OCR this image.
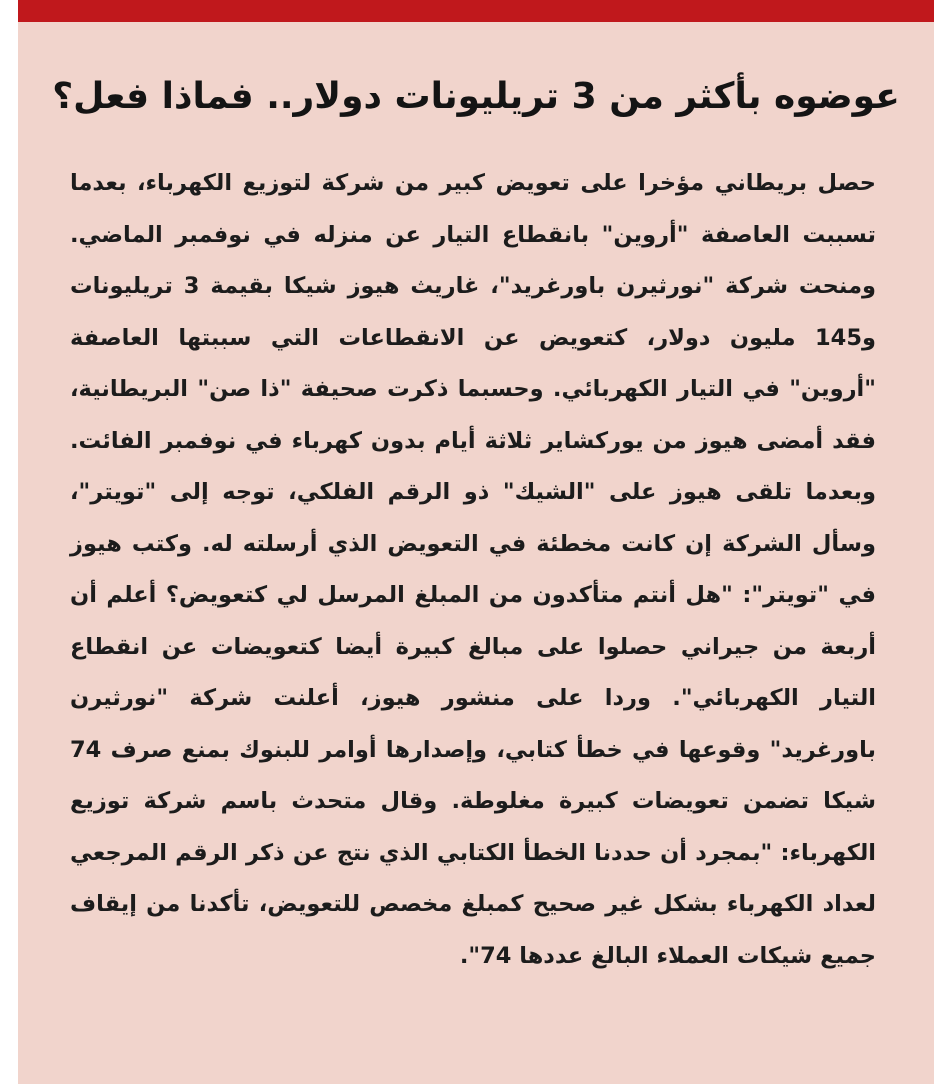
عوضوه بأكثر من 3 تريليونات دولار.. فماذا فعل؟

حصل بريطاني مؤخرا على تعويض كبير من شركة لتوزيع الكهرباء، بعدما تسببت العاصفة "أروين" بانقطاع التيار عن منزله في نوفمبر الماضي. ومنحت شركة "نورثيرن باورغريد"، غاريث هيوز شيكا بقيمة 3 تريليونات و145 مليون دولار، كتعويض عن الانقطاعات التي سببتها العاصفة "أروين" في التيار الكهربائي. وحسبما ذكرت صحيفة "ذا صن" البريطانية، فقد أمضى هيوز من يوركشاير ثلاثة أيام بدون كهرباء في نوفمبر الفائت. وبعدما تلقى هيوز على "الشيك" ذو الرقم الفلكي، توجه إلى "تويتر"، وسأل الشركة إن كانت مخطئة في التعويض الذي أرسلته له. وكتب هيوز في "تويتر": "هل أنتم متأكدون من المبلغ المرسل لي كتعويض؟ أعلم أن أربعة من جيراني حصلوا على مبالغ كبيرة أيضا كتعويضات عن انقطاع التيار الكهربائي". وردا على منشور هيوز، أعلنت شركة "نورثيرن باورغريد" وقوعها في خطأ كتابي، وإصدارها أوامر للبنوك بمنع صرف 74 شيكا تضمن تعويضات كبيرة مغلوطة. وقال متحدث باسم شركة توزيع الكهرباء: "بمجرد أن حددنا الخطأ الكتابي الذي نتج عن ذكر الرقم المرجعي لعداد الكهرباء بشكل غير صحيح كمبلغ مخصص للتعويض، تأكدنا من إيقاف جميع شيكات العملاء البالغ عددها 74".
